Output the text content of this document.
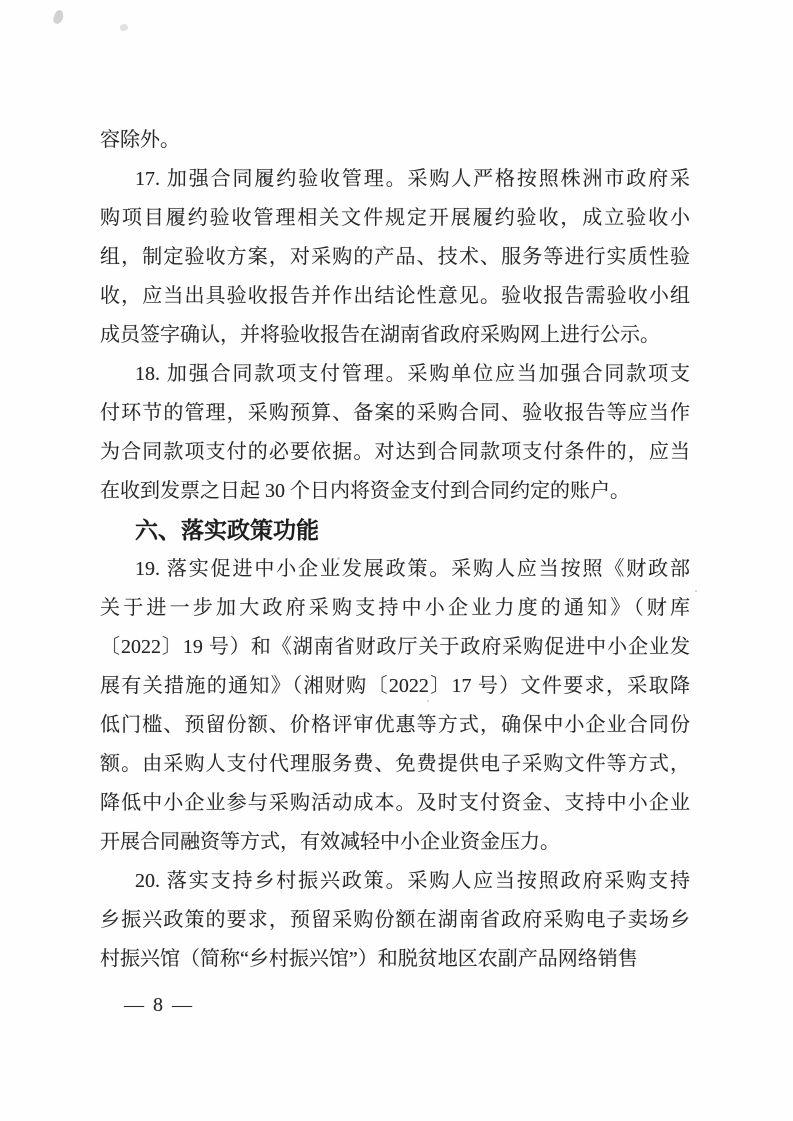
容除外。
17. 加强合同履约验收管理。采购人严格按照株洲市政府采
购项目履约验收管理相关文件规定开展履约验收，成立验收小
组，制定验收方案，对采购的产品、技术、服务等进行实质性验
收，应当出具验收报告并作出结论性意见。验收报告需验收小组
成员签字确认，并将验收报告在湖南省政府采购网上进行公示。
18. 加强合同款项支付管理。采购单位应当加强合同款项支
付环节的管理，采购预算、备案的采购合同、验收报告等应当作
为合同款项支付的必要依据。对达到合同款项支付条件的，应当
在收到发票之日起 30 个日内将资金支付到合同约定的账户。
六、落实政策功能
19. 落实促进中小企业发展政策。采购人应当按照《财政部
关于进一步加大政府采购支持中小企业力度的通知》（财库
〔2022〕19 号）和《湖南省财政厅关于政府采购促进中小企业发
展有关措施的通知》（湘财购〔2022〕17 号）文件要求，采取降
低门槛、预留份额、价格评审优惠等方式，确保中小企业合同份
额。由采购人支付代理服务费、免费提供电子采购文件等方式，
降低中小企业参与采购活动成本。及时支付资金、支持中小企业
开展合同融资等方式，有效减轻中小企业资金压力。
20. 落实支持乡村振兴政策。采购人应当按照政府采购支持
乡振兴政策的要求，预留采购份额在湖南省政府采购电子卖场乡
村振兴馆（简称“乡村振兴馆”）和脱贫地区农副产品网络销售
— 8 —
